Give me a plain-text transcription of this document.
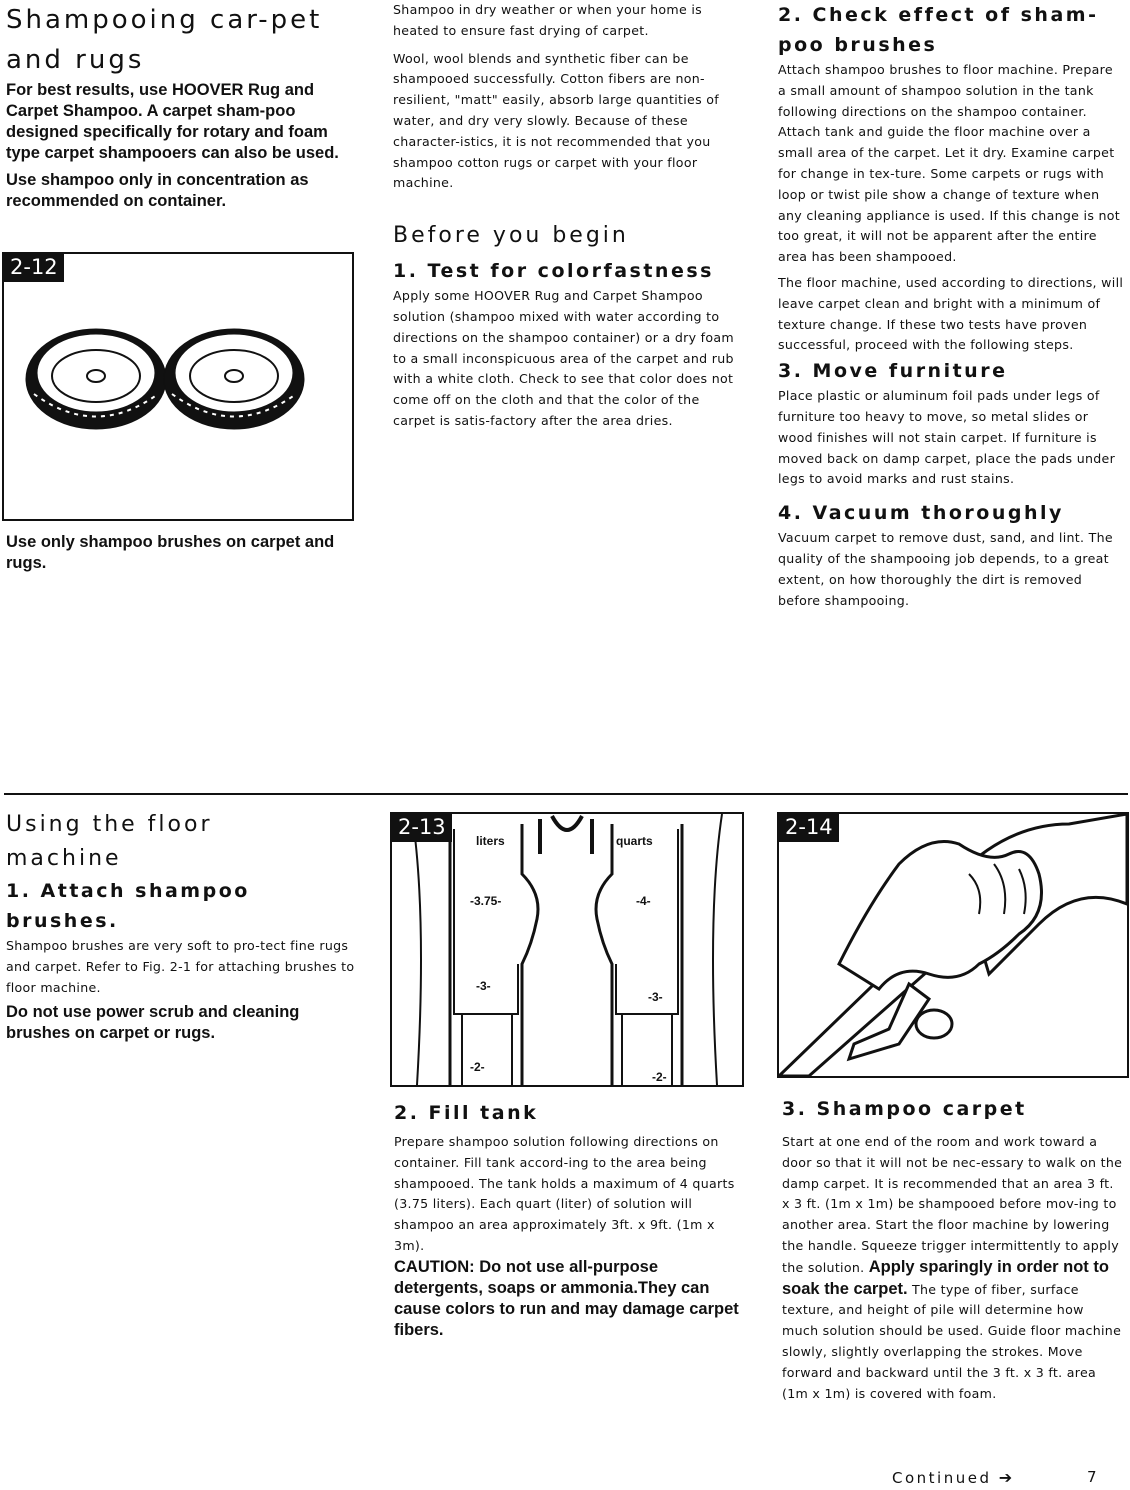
Shampooing car-pet and rugs

For best results, use HOOVER Rug and Carpet Shampoo. A carpet sham-poo designed specifically for rotary and foam type carpet shampooers can also be used.

Use shampoo only in concentration as recommended on container.

2-12

Use only shampoo brushes on carpet and rugs.

Shampoo in dry weather or when your home is heated to ensure fast drying of carpet.

Wool, wool blends and synthetic fiber can be shampooed successfully. Cotton fibers are non-resilient, "matt" easily, absorb large quantities of water, and dry very slowly. Because of these character-istics, it is not recommended that you shampoo cotton rugs or carpet with your floor machine.

Before you begin
1. Test for colorfastness

Apply some HOOVER Rug and Carpet Shampoo solution (shampoo mixed with water according to directions on the shampoo container) or a dry foam to a small inconspicuous area of the carpet and rub with a white cloth. Check to see that color does not come off on the cloth and that the color of the carpet is satis-factory after the area dries.

2. Check effect of sham-poo brushes

Attach shampoo brushes to floor machine. Prepare a small amount of shampoo solution in the tank following directions on the shampoo container. Attach tank and guide the floor machine over a small area of the carpet. Let it dry. Examine carpet for change in tex-ture. Some carpets or rugs with loop or twist pile show a change of texture when any cleaning appliance is used. If this change is not too great, it will not be apparent after the entire area has been shampooed.

The floor machine, used according to directions, will leave carpet clean and bright with a minimum of texture change. If these two tests have proven successful, proceed with the following steps.

3. Move furniture

Place plastic or aluminum foil pads under legs of furniture too heavy to move, so metal slides or wood finishes will not stain carpet. If furniture is moved back on damp carpet, place the pads under legs to avoid marks and rust stains.

4. Vacuum thoroughly

Vacuum carpet to remove dust, sand, and lint. The quality of the shampooing job depends, to a great extent, on how thoroughly the dirt is removed before shampooing.

Using the floor machine
1. Attach shampoo brushes.

Shampoo brushes are very soft to pro-tect fine rugs and carpet. Refer to Fig. 2-1 for attaching brushes to floor machine.

Do not use power scrub and cleaning brushes on carpet or rugs.

2-13
liters	quarts
-3.75-
-3-
-2-
-4-
-3-
-2-
2. Fill tank

Prepare shampoo solution following directions on container. Fill tank accord-ing to the area being shampooed. The tank holds a maximum of 4 quarts (3.75 liters). Each quart (liter) of solution will shampoo an area approximately 3ft. x 9ft. (1m x 3m).

CAUTION: Do not use all-purpose detergents, soaps or ammonia.They can cause colors to run and may damage carpet fibers.

2-14
3. Shampoo carpet

Start at one end of the room and work toward a door so that it will not be nec-essary to walk on the damp carpet. It is recommended that an area 3 ft. x 3 ft. (1m x 1m) be shampooed before mov-ing to another area. Start the floor machine by lowering the handle. Squeeze trigger intermittently to apply the solution. Apply sparingly in order not to soak the carpet. The type of fiber, surface texture, and height of pile will determine how much solution should be used. Guide floor machine slowly, slightly overlapping the strokes. Move forward and backward until the 3 ft. x 3 ft. area (1m x 1m) is covered with foam.

Continued ➔	7
